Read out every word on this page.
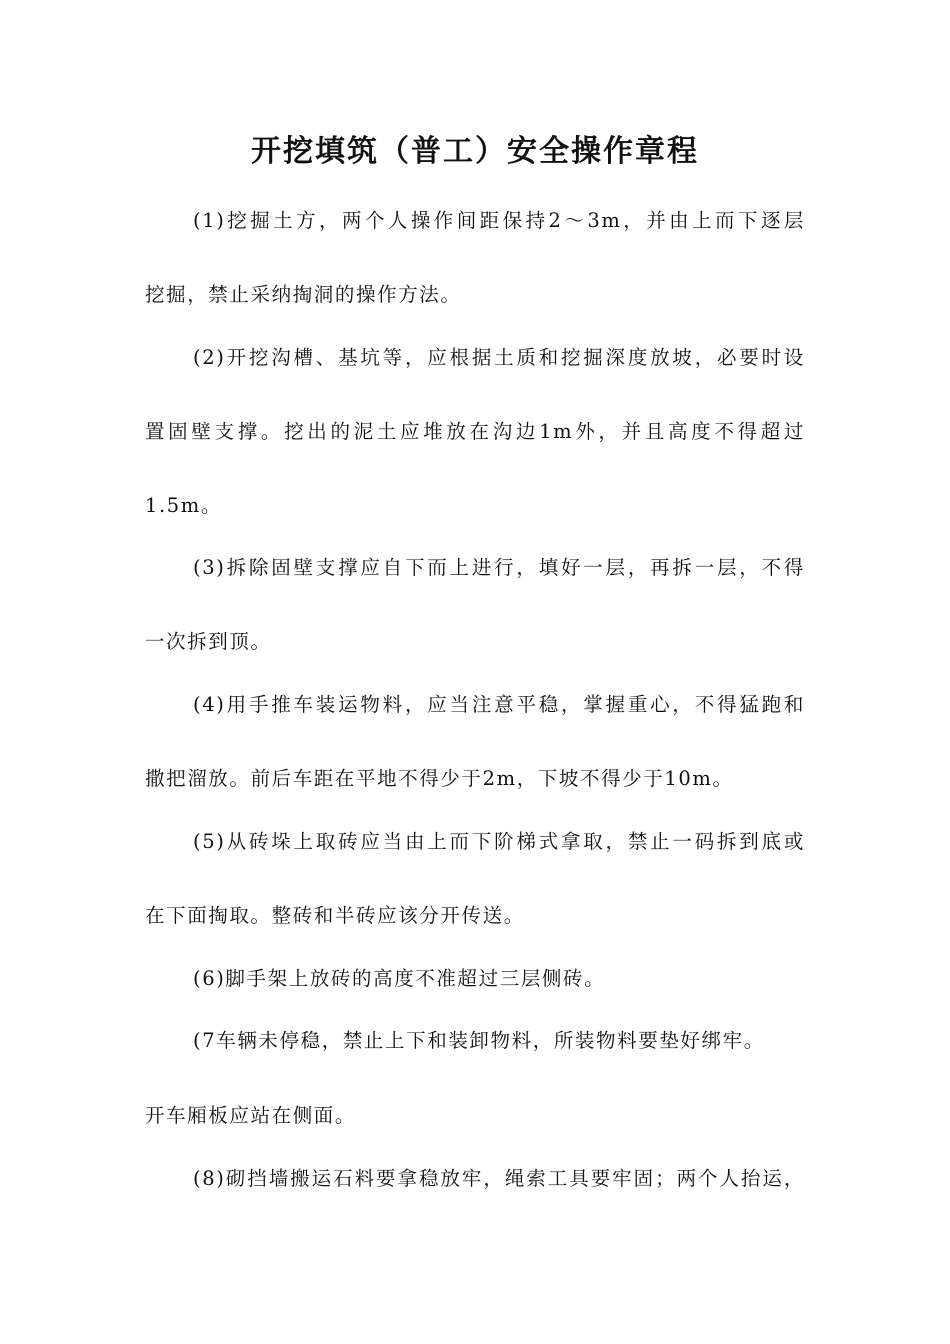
开挖填筑（普工）安全操作章程
(1)挖掘土方，两个人操作间距保持2～3m，并由上而下逐层
挖掘，禁止采纳掏洞的操作方法。
(2)开挖沟槽、基坑等，应根据土质和挖掘深度放坡，必要时设
置固壁支撑。挖出的泥土应堆放在沟边1m外，并且高度不得超过
1.5m。
(3)拆除固壁支撑应自下而上进行，填好一层，再拆一层，不得
一次拆到顶。
(4)用手推车装运物料，应当注意平稳，掌握重心，不得猛跑和
撒把溜放。前后车距在平地不得少于2m，下坡不得少于10m。
(5)从砖垛上取砖应当由上而下阶梯式拿取，禁止一码拆到底或
在下面掏取。整砖和半砖应该分开传送。
(6)脚手架上放砖的高度不准超过三层侧砖。
(7车辆未停稳，禁止上下和装卸物料，所装物料要垫好绑牢。
开车厢板应站在侧面。
(8)砌挡墙搬运石料要拿稳放牢，绳索工具要牢固；两个人抬运，
